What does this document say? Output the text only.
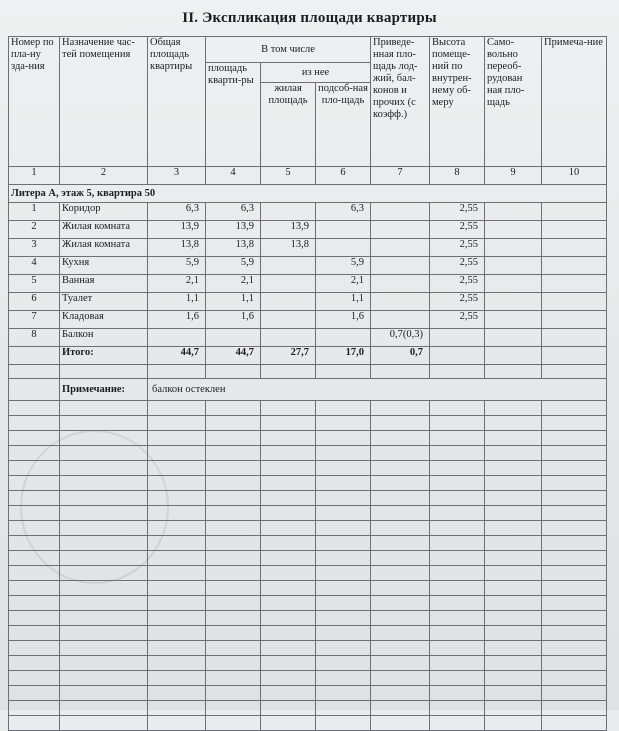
II. Экспликация площади квартиры
Номер по пла-ну зда-ния	Назначение час-тей помещения	Общая площадь квартиры	В том числе			Приведе-нная пло-щадь лод-жий, бал-конов и прочих (с коэфф.)	Высота помеще-ний по внутрен-нему об-меру	Само-вольно переоб-рудован ная пло-щадь	Примеча-ние
			площадь кварти-ры	из нее					
				жилая площадь	подсоб-ная пло-щадь				
1	2	3	4	5	6	7	8	9	10
Литера А, этаж 5, квартира 50									
1	Коридор	6,3	6,3		6,3		2,55		
2	Жилая комната	13,9	13,9	13,9			2,55		
3	Жилая комната	13,8	13,8	13,8			2,55		
4	Кухня	5,9	5,9		5,9		2,55		
5	Ванная	2,1	2,1		2,1		2,55		
6	Туалет	1,1	1,1		1,1		2,55		
7	Кладовая	1,6	1,6		1,6		2,55		
8	Балкон					0,7(0,3)			
	Итого:	44,7	44,7	27,7	17,0	0,7			

	Примечание:	балкон остеклен							
